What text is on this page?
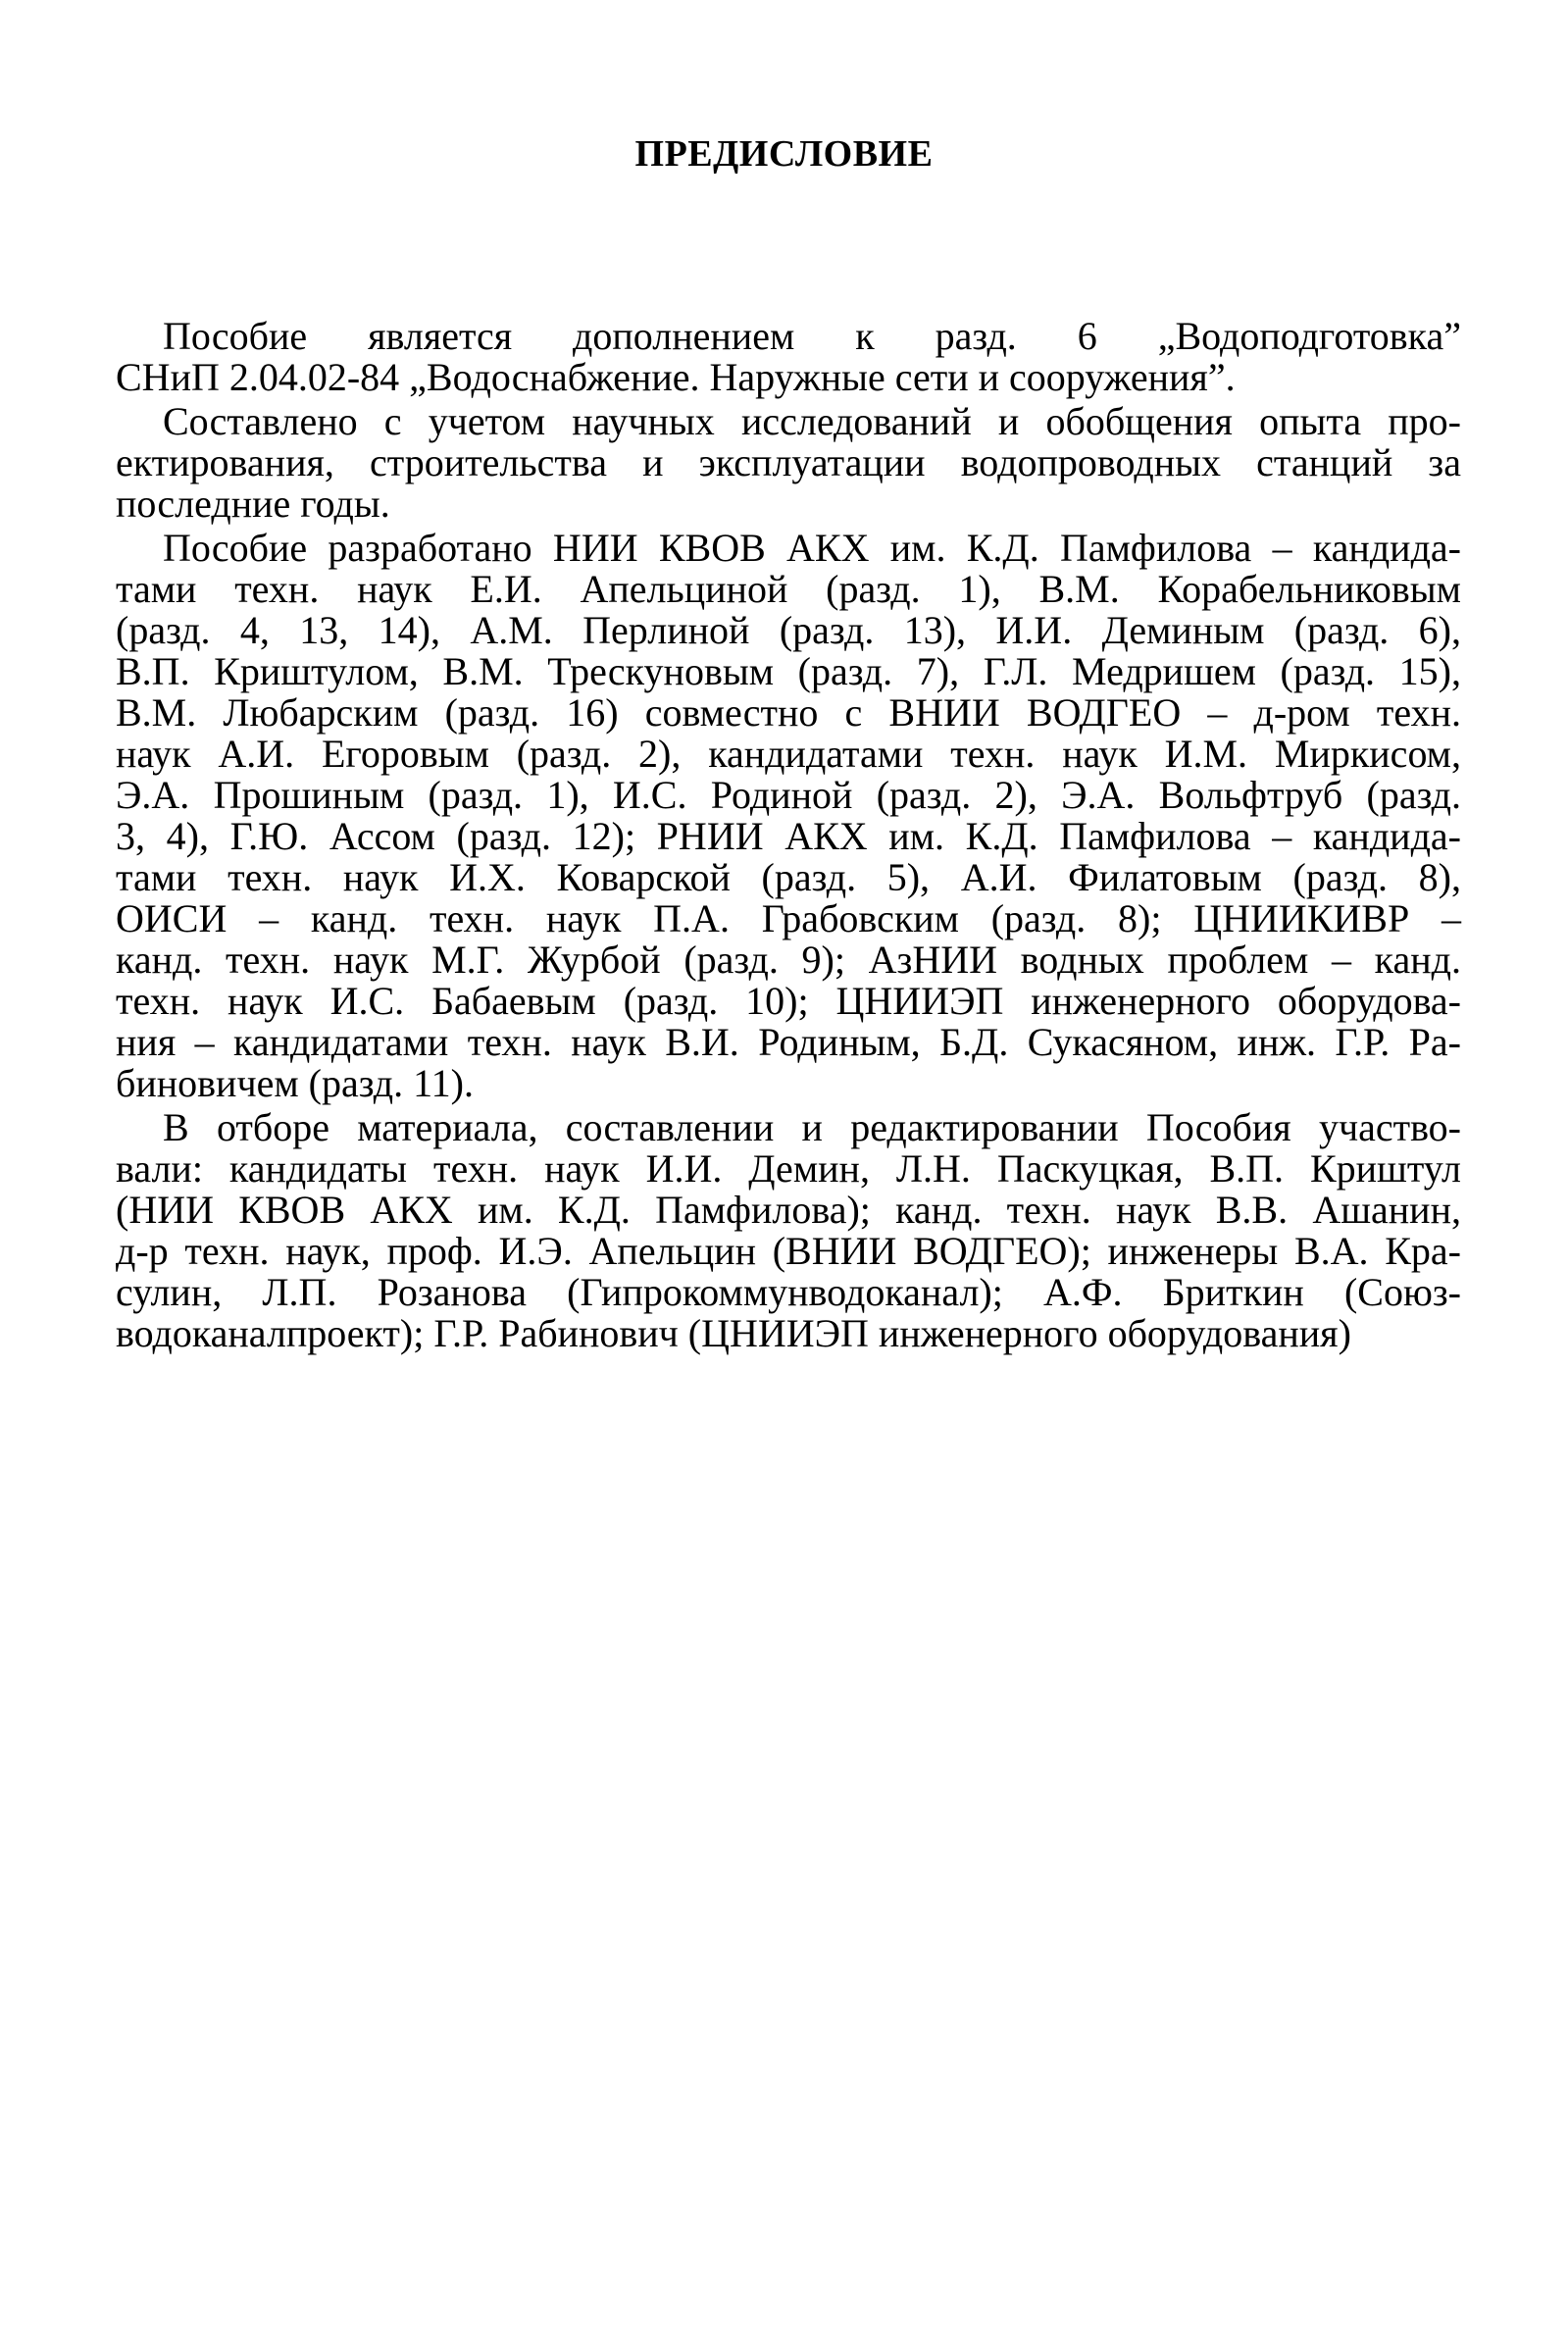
ПРЕДИСЛОВИЕ

Пособие является дополнением к разд. 6 „Водоподготовка”
СНиП 2.04.02-84 „Водоснабжение. Наружные сети и сооружения”.

Составлено с учетом научных исследований и обобщения опыта про-
ектирования, строительства и эксплуатации водопроводных станций за
последние годы.

Пособие разработано НИИ КВОВ АКХ им. К.Д. Памфилова – кандида-
тами техн. наук Е.И. Апельциной (разд. 1), В.М. Корабельниковым
(разд. 4, 13, 14), А.М. Перлиной (разд. 13), И.И. Деминым (разд. 6),
В.П. Криштулом, В.М. Трескуновым (разд. 7), Г.Л. Медришем (разд. 15),
В.М. Любарским (разд. 16) совместно с ВНИИ ВОДГЕО – д-ром техн.
наук А.И. Егоровым (разд. 2), кандидатами техн. наук И.М. Миркисом,
Э.А. Прошиным (разд. 1), И.С. Родиной (разд. 2), Э.А. Вольфтруб (разд.
3, 4), Г.Ю. Ассом (разд. 12); РНИИ АКХ им. К.Д. Памфилова – кандида-
тами техн. наук И.Х. Коварской (разд. 5), А.И. Филатовым (разд. 8),
ОИСИ – канд. техн. наук П.А. Грабовским (разд. 8); ЦНИИКИВР –
канд. техн. наук М.Г. Журбой (разд. 9); АзНИИ водных проблем – канд.
техн. наук И.С. Бабаевым (разд. 10); ЦНИИЭП инженерного оборудова-
ния – кандидатами техн. наук В.И. Родиным, Б.Д. Сукасяном, инж. Г.Р. Ра-
биновичем (разд. 11).

В отборе материала, составлении и редактировании Пособия участво-
вали: кандидаты техн. наук И.И. Демин, Л.Н. Паскуцкая, В.П. Криштул
(НИИ КВОВ АКХ им. К.Д. Памфилова); канд. техн. наук В.В. Ашанин,
д-р техн. наук, проф. И.Э. Апельцин (ВНИИ ВОДГЕО); инженеры В.А. Кра-
сулин, Л.П. Розанова (Гипрокоммунводоканал); А.Ф. Бриткин (Союз-
водоканалпроект); Г.Р. Рабинович (ЦНИИЭП инженерного оборудования)
